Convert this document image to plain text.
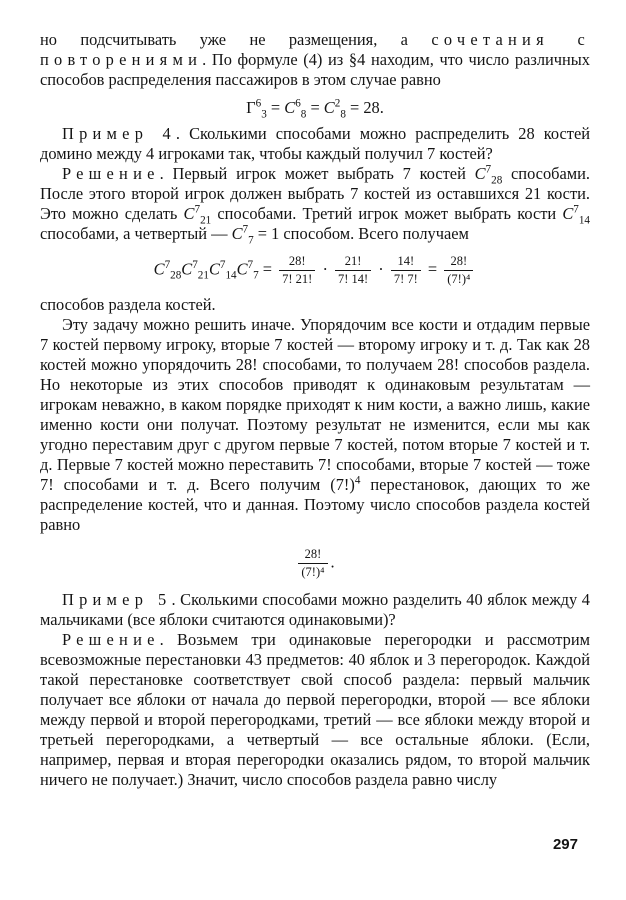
но подсчитывать уже не размещения, а сочетания с повторениями. По формуле (4) из §4 находим, что число различных способов распределения пассажиров в этом случае равно

$\Gamma^6_3 = C^6_8 = C^2_8 = 28$.

Пример 4. Сколькими способами можно распределить 28 костей домино между 4 игроками так, чтобы каждый получил 7 костей?

Решение. Первый игрок может выбрать 7 костей $C^7_{28}$ способами. После этого второй игрок должен выбрать 7 костей из оставшихся 21 кости. Это можно сделать $C^7_{21}$ способами. Третий игрок может выбрать кости $C^7_{14}$ способами, а четвертый — $C^7_7 = 1$ способом. Всего получаем

$C^7_{28}C^7_{21}C^7_{14}C^7_7 = \frac{28!}{7! 21!} \cdot \frac{21!}{7! 14!} \cdot \frac{14!}{7! 7!} = \frac{28!}{\text{(7!)⁴}}$

способов раздела костей.

Эту задачу можно решить иначе. Упорядочим все кости и отдадим первые 7 костей первому игроку, вторые 7 костей — второму игроку и т. д. Так как 28 костей можно упорядочить 28! способами, то получаем 28! способов раздела. Но некоторые из этих способов приводят к одинаковым результатам — игрокам неважно, в каком порядке приходят к ним кости, а важно лишь, какие именно кости они получат. Поэтому результат не изменится, если мы как угодно переставим друг с другом первые 7 костей, потом вторые 7 костей и т. д. Первые 7 костей можно переставить 7! способами, вторые 7 костей — тоже 7! способами и т. д. Всего получим $(7!)^4$ перестановок, дающих то же распределение костей, что и данная. Поэтому число способов раздела костей равно

$\frac{28!}{\text{(7!)⁴}}$ .

Пример 5. Сколькими способами можно разделить 40 яблок между 4 мальчиками (все яблоки считаются одинаковыми)?

Решение. Возьмем три одинаковые перегородки и рассмотрим всевозможные перестановки 43 предметов: 40 яблок и 3 перегородок. Каждой такой перестановке соответствует свой способ раздела: первый мальчик получает все яблоки от начала до первой перегородки, второй — все яблоки между первой и второй перегородками, третий — все яблоки между второй и третьей перегородками, а четвертый — все остальные яблоки. (Если, например, первая и вторая перегородки оказались рядом, то второй мальчик ничего не получает.) Значит, число способов раздела равно числу

297
